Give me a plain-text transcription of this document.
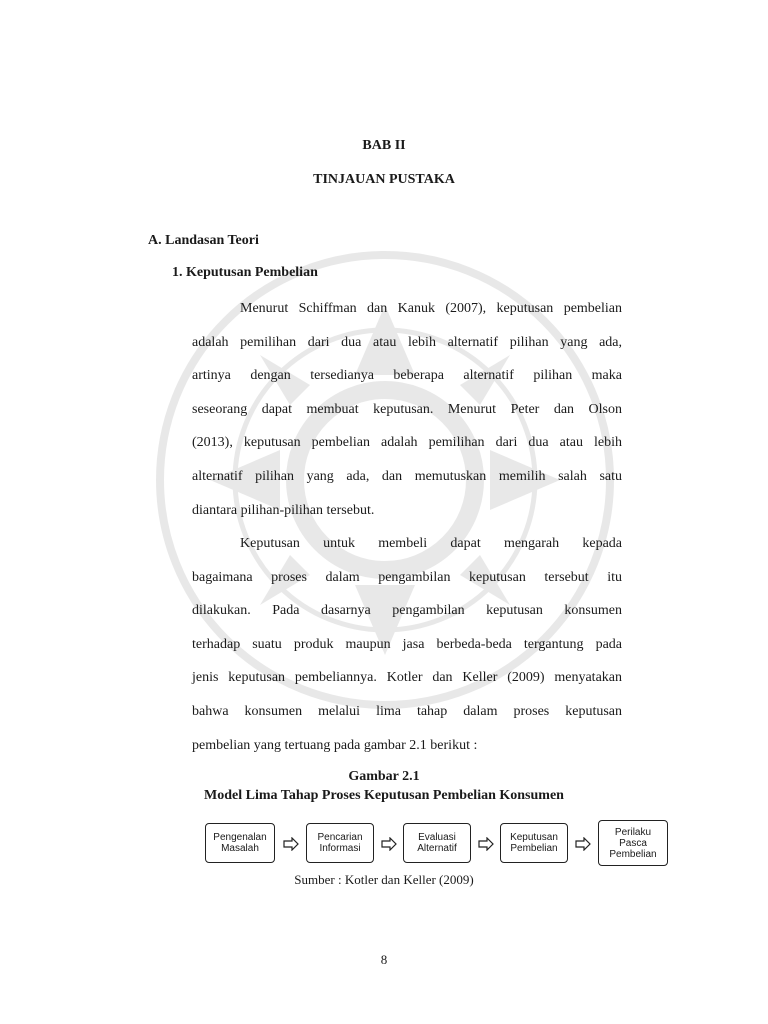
BAB II
TINJAUAN PUSTAKA
A. Landasan Teori
1. Keputusan Pembelian
Menurut Schiffman dan Kanuk (2007), keputusan pembelian
adalah pemilihan dari dua atau lebih alternatif pilihan yang ada,
artinya dengan tersedianya beberapa alternatif pilihan maka
seseorang dapat membuat keputusan. Menurut Peter dan Olson
(2013), keputusan pembelian adalah pemilihan dari dua atau lebih
alternatif pilihan yang ada, dan memutuskan memilih salah satu
diantara pilihan-pilihan tersebut.
Keputusan untuk membeli dapat mengarah kepada
bagaimana proses dalam pengambilan keputusan tersebut itu
dilakukan. Pada dasarnya pengambilan keputusan konsumen
terhadap suatu produk maupun jasa berbeda-beda tergantung pada
jenis keputusan pembeliannya. Kotler dan Keller (2009) menyatakan
bahwa konsumen melalui lima tahap dalam proses keputusan
pembelian yang tertuang pada gambar 2.1 berikut :
Gambar 2.1
Model Lima Tahap Proses Keputusan Pembelian Konsumen
Pengenalan
Masalah
Pencarian
Informasi
Evaluasi
Alternatif
Keputusan
Pembelian
Perilaku
Pasca
Pembelian
Sumber : Kotler dan Keller (2009)
8
